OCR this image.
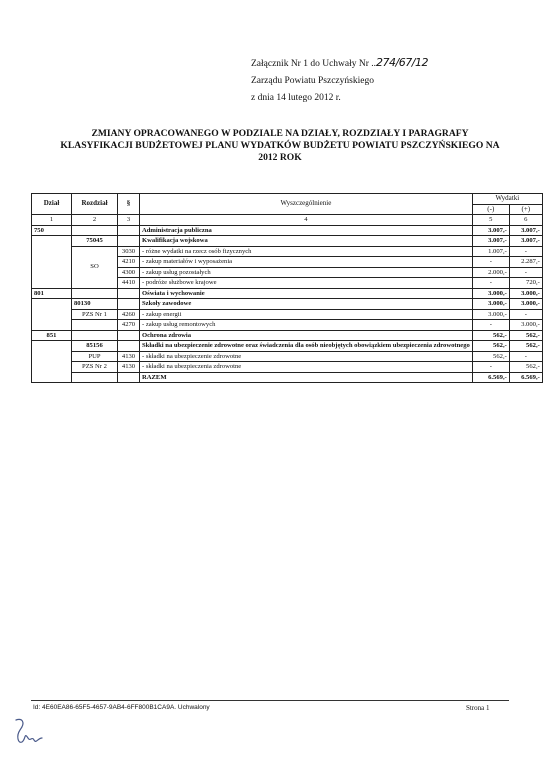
Załącznik Nr 1 do Uchwały Nr ..274/67/12
Zarządu Powiatu Pszczyńskiego
z dnia 14 lutego 2012 r.
ZMIANY OPRACOWANEGO W PODZIALE NA DZIAŁY, ROZDZIAŁY I PARAGRAFY
KLASYFIKACJI BUDŻETOWEJ PLANU WYDATKÓW BUDŻETU POWIATU PSZCZYŃSKIEGO NA
2012 ROK
Dział	Rozdział	§	Wyszczególnienie	Wydatki	
				(-)	(+)
1	2	3	4	5	6
750			Administracja publiczna	3.007,-	3.007,-
	75045		Kwalifikacja wojskowa	3.007,-	3.007,-
	SO	3030	- różne wydatki na rzecz osób fizycznych	1.007,-	-
		4210	- zakup materiałów i wyposażenia	-	2.287,-
		4300	- zakup usług pozostałych	2.000,-	-
		4410	- podróże służbowe krajowe	-	720,-
801			Oświata i wychowanie	3.000,-	3.000,-
	80130		Szkoły zawodowe	3.000,-	3.000,-
	PZS Nr 1	4260	- zakup energii	3.000,-	-
		4270	- zakup usług remontowych	-	3.000,-
851			Ochrona zdrowia	562,-	562,-
	85156		Składki na ubezpieczenie zdrowotne oraz świadczenia dla osób nieobjętych obowiązkiem ubezpieczenia zdrowotnego	562,-	562,-
	PUP	4130	- składki na ubezpieczenie zdrowotne	562,-	-
	PZS Nr 2	4130	- składki na ubezpieczenia zdrowotne	-	562,-
			RAZEM	6.569,-	6.569,-
Id: 4E60EA86-65F5-4657-9AB4-6FF800B1CA9A. Uchwalony	Strona 1
